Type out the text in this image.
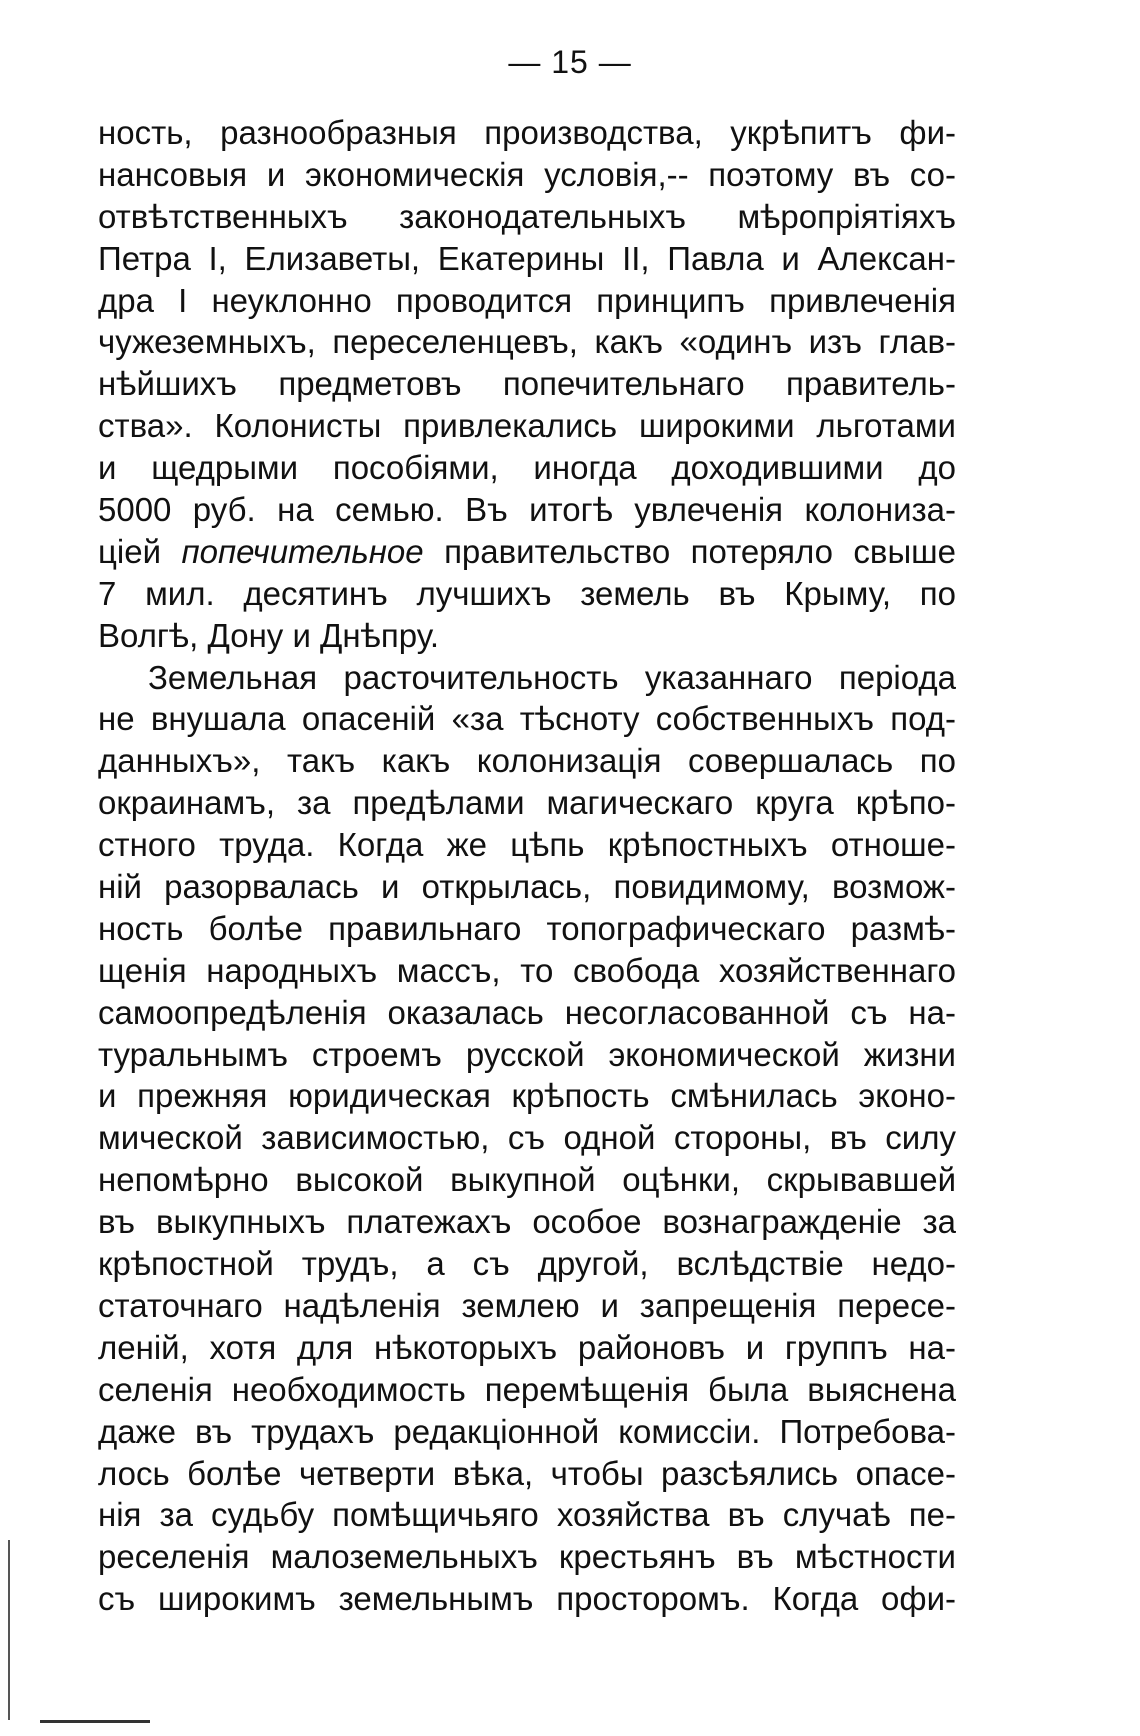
— 15 —
ность, разнообразныя производства, укрѣпитъ фи-
нансовыя и экономическія условія,-- поэтому въ со-
отвѣтственныхъ законодательныхъ мѣропріятіяхъ
Петра I, Елизаветы, Екатерины II, Павла и Алексан-
дра I неуклонно проводится принципъ привлеченія
чужеземныхъ, переселенцевъ, какъ «одинъ изъ глав-
нѣйшихъ предметовъ попечительнаго правитель-
ства». Колонисты привлекались широкими льготами
и щедрыми пособіями, иногда доходившими до
5000 руб. на семью. Въ итогѣ увлеченія колониза-
ціей попечительное правительство потеряло свыше
7 мил. десятинъ лучшихъ земель въ Крыму, по
Волгѣ, Дону и Днѣпру.
Земельная расточительность указаннаго періода
не внушала опасеній «за тѣсноту собственныхъ под-
данныхъ», такъ какъ колонизація совершалась по
окраинамъ, за предѣлами магическаго круга крѣпо-
стного труда. Когда же цѣпь крѣпостныхъ отноше-
ній разорвалась и открылась, повидимому, возмож-
ность болѣе правильнаго топографическаго размѣ-
щенія народныхъ массъ, то свобода хозяйственнаго
самоопредѣленія оказалась несогласованной съ на-
туральнымъ строемъ русской экономической жизни
и прежняя юридическая крѣпость смѣнилась эконо-
мической зависимостью, съ одной стороны, въ силу
непомѣрно высокой выкупной оцѣнки, скрывавшей
въ выкупныхъ платежахъ особое вознагражденіе за
крѣпостной трудъ, а съ другой, вслѣдствіе недо-
статочнаго надѣленія землею и запрещенія пересе-
леній, хотя для нѣкоторыхъ районовъ и группъ на-
селенія необходимость перемѣщенія была выяснена
даже въ трудахъ редакціонной комиссіи. Потребова-
лось болѣе четверти вѣка, чтобы разсѣялись опасе-
нія за судьбу помѣщичьяго хозяйства въ случаѣ пе-
реселенія малоземельныхъ крестьянъ въ мѣстности
съ широкимъ земельнымъ просторомъ. Когда офи-
